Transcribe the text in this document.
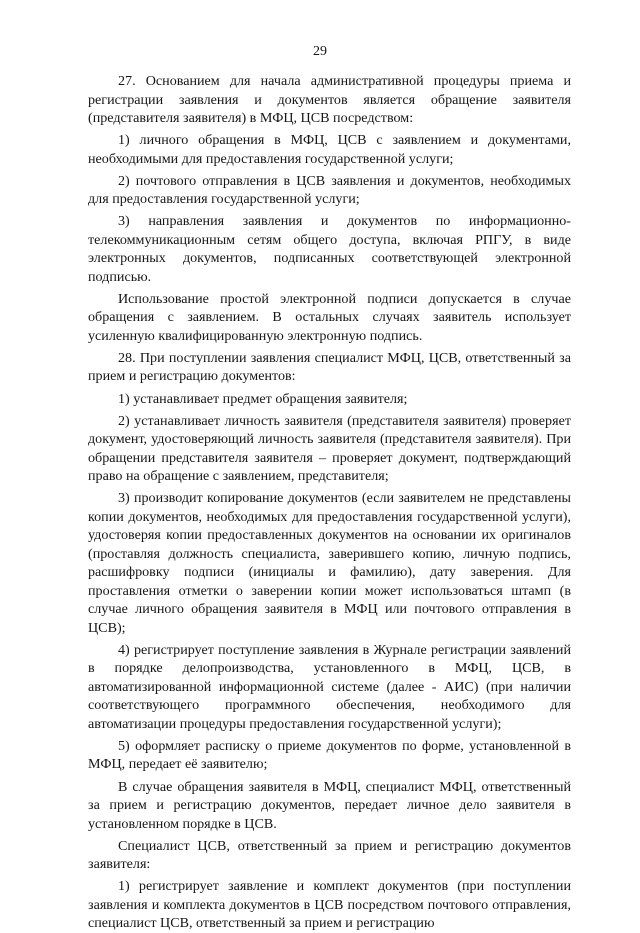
29

27. Основанием для начала административной процедуры приема и регистрации заявления и документов является обращение заявителя (представителя заявителя) в МФЦ, ЦСВ посредством:

1) личного обращения в МФЦ, ЦСВ с заявлением и документами, необходимыми для предоставления государственной услуги;

2) почтового отправления в ЦСВ заявления и документов, необходимых для предоставления государственной услуги;

3) направления заявления и документов по информационно-телекоммуникационным сетям общего доступа, включая РПГУ, в виде электронных документов, подписанных соответствующей электронной подписью.

Использование простой электронной подписи допускается в случае обращения с заявлением. В остальных случаях заявитель использует усиленную квалифицированную электронную подпись.

28. При поступлении заявления специалист МФЦ, ЦСВ, ответственный за прием и регистрацию документов:

1) устанавливает предмет обращения заявителя;

2) устанавливает личность заявителя (представителя заявителя) проверяет документ, удостоверяющий личность заявителя (представителя заявителя). При обращении представителя заявителя – проверяет документ, подтверждающий право на обращение с заявлением, представителя;

3) производит копирование документов (если заявителем не представлены копии документов, необходимых для предоставления государственной услуги), удостоверяя копии предоставленных документов на основании их оригиналов (проставляя должность специалиста, заверившего копию, личную подпись, расшифровку подписи (инициалы и фамилию), дату заверения. Для проставления отметки о заверении копии может использоваться штамп (в случае личного обращения заявителя в МФЦ или почтового отправления в ЦСВ);

4) регистрирует поступление заявления в Журнале регистрации заявлений в порядке делопроизводства, установленного в МФЦ, ЦСВ, в автоматизированной информационной системе (далее - АИС) (при наличии соответствующего программного обеспечения, необходимого для автоматизации процедуры предоставления государственной услуги);

5) оформляет расписку о приеме документов по форме, установленной в МФЦ, передает её заявителю;

В случае обращения заявителя в МФЦ, специалист МФЦ, ответственный за прием и регистрацию документов, передает личное дело заявителя в установленном порядке в ЦСВ.

Специалист ЦСВ, ответственный за прием и регистрацию документов заявителя:

1) регистрирует заявление и комплект документов (при поступлении заявления и комплекта документов в ЦСВ посредством почтового отправления, специалист ЦСВ, ответственный за прием и регистрацию
